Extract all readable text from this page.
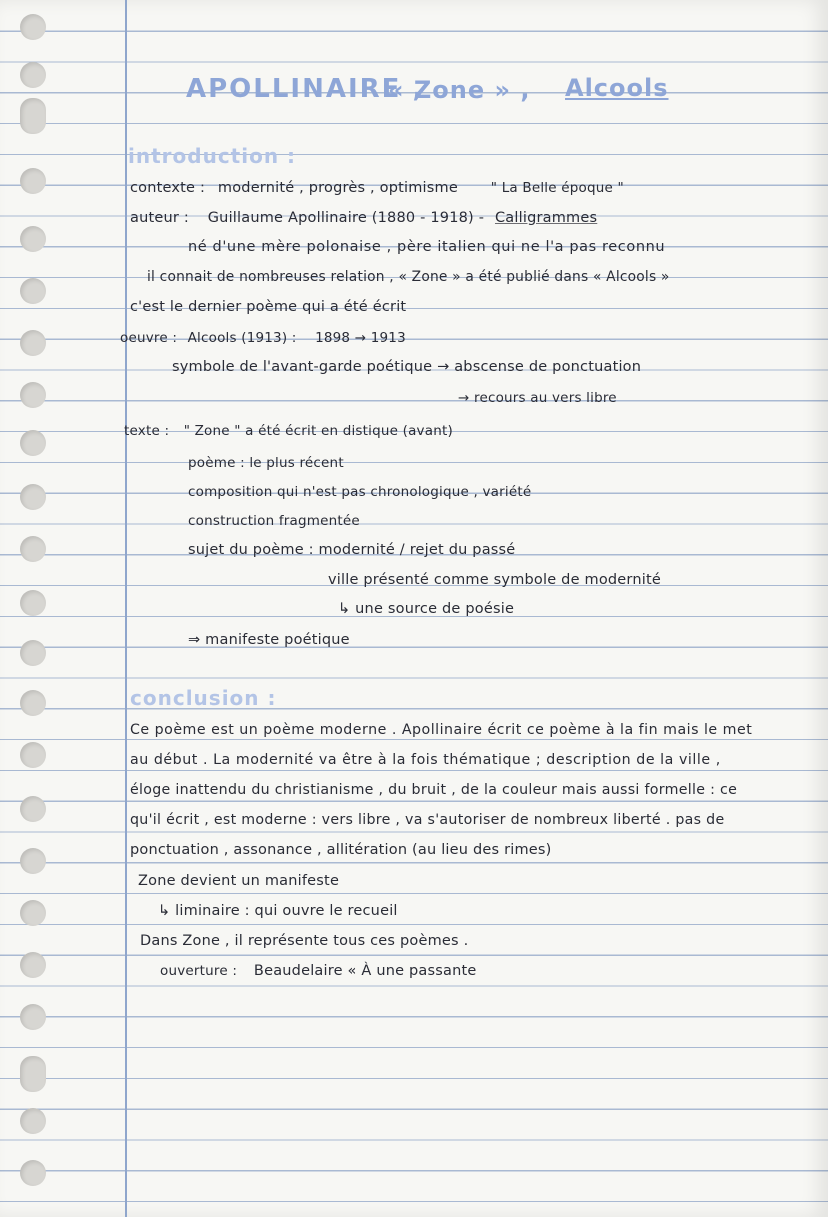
APOLLINAIRE ,
« Zone » , Alcools
introduction :
contexte : modernité , progrès , optimisme " La Belle époque "
auteur : Guillaume Apollinaire (1880 - 1918) - Calligrammes
né d'une mère polonaise , père italien qui ne l'a pas reconnu
il connait de nombreuses relation , « Zone » a été publié dans « Alcools »
c'est le dernier poème qui a été écrit
oeuvre : Alcools (1913) : 1898 → 1913
symbole de l'avant-garde poétique → abscense de ponctuation
→ recours au vers libre
texte : " Zone " a été écrit en distique (avant)
poème : le plus récent
composition qui n'est pas chronologique , variété
construction fragmentée
sujet du poème : modernité / rejet du passé
ville présenté comme symbole de modernité
↳ une source de poésie
⇒ manifeste poétique
conclusion :
Ce poème est un poème moderne . Apollinaire écrit ce poème à la fin mais le met
au début . La modernité va être à la fois thématique ; description de la ville ,
éloge inattendu du christianisme , du bruit , de la couleur mais aussi formelle : ce
qu'il écrit , est moderne : vers libre , va s'autoriser de nombreux liberté . pas de
ponctuation , assonance , allitération (au lieu des rimes)
Zone devient un manifeste
↳ liminaire : qui ouvre le recueil
Dans Zone , il représente tous ces poèmes .
ouverture : Beaudelaire « À une passante
